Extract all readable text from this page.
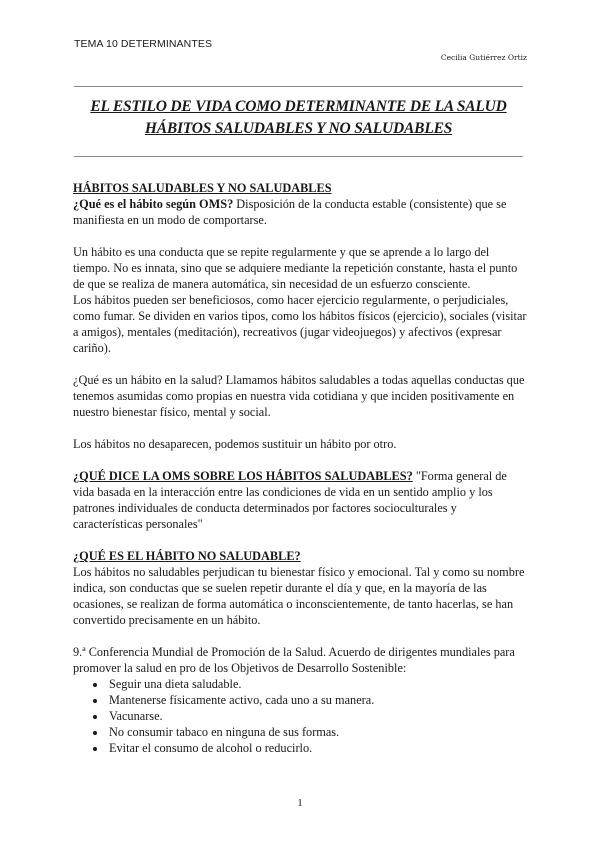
TEMA 10 DETERMINANTES
Cecilia Gutiérrez Ortiz
EL ESTILO DE VIDA COMO DETERMINANTE DE LA SALUD HÁBITOS SALUDABLES Y NO SALUDABLES

HÁBITOS SALUDABLES Y NO SALUDABLES

¿Qué es el hábito según OMS? Disposición de la conducta estable (consistente) que se manifiesta en un modo de comportarse.

Un hábito es una conducta que se repite regularmente y que se aprende a lo largo del tiempo. No es innata, sino que se adquiere mediante la repetición constante, hasta el punto de que se realiza de manera automática, sin necesidad de un esfuerzo consciente.

Los hábitos pueden ser beneficiosos, como hacer ejercicio regularmente, o perjudiciales, como fumar. Se dividen en varios tipos, como los hábitos físicos (ejercicio), sociales (visitar a amigos), mentales (meditación), recreativos (jugar videojuegos) y afectivos (expresar cariño).

¿Qué es un hábito en la salud? Llamamos hábitos saludables a todas aquellas conductas que tenemos asumidas como propias en nuestra vida cotidiana y que inciden positivamente en nuestro bienestar físico, mental y social.

Los hábitos no desaparecen, podemos sustituir un hábito por otro.

¿QUÉ DICE LA OMS SOBRE LOS HÁBITOS SALUDABLES? "Forma general de vida basada en la interacción entre las condiciones de vida en un sentido amplio y los patrones individuales de conducta determinados por factores socioculturales y características personales"

¿QUÉ ES EL HÁBITO NO SALUDABLE?

Los hábitos no saludables perjudican tu bienestar físico y emocional. Tal y como su nombre indica, son conductas que se suelen repetir durante el día y que, en la mayoría de las ocasiones, se realizan de forma automática o inconscientemente, de tanto hacerlas, se han convertido precisamente en un hábito.

9.ª Conferencia Mundial de Promoción de la Salud. Acuerdo de dirigentes mundiales para promover la salud en pro de los Objetivos de Desarrollo Sostenible:

• Seguir una dieta saludable.
• Mantenerse físicamente activo, cada uno a su manera.
• Vacunarse.
• No consumir tabaco en ninguna de sus formas.
• Evitar el consumo de alcohol o reducirlo.
1
